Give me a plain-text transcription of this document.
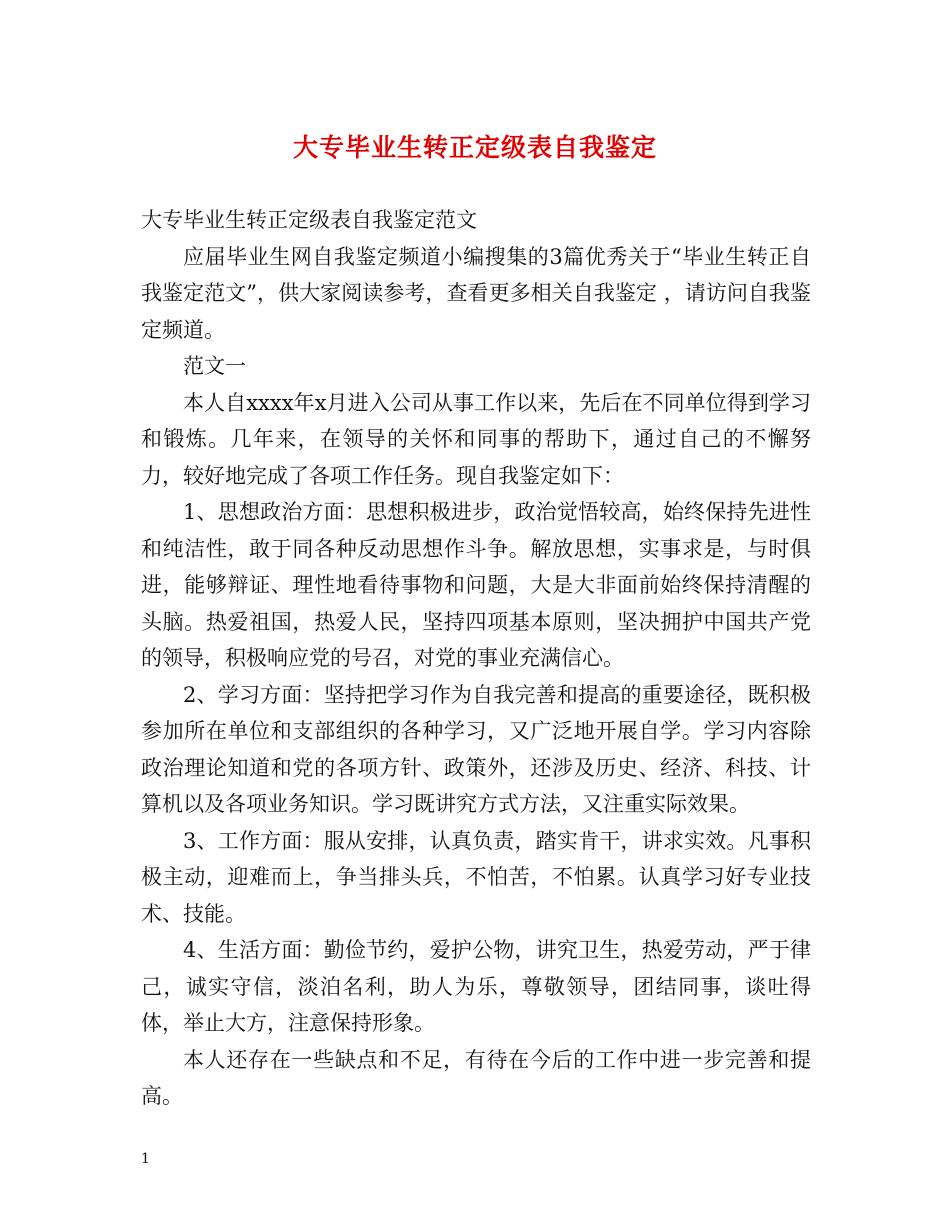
大专毕业生转正定级表自我鉴定

大专毕业生转正定级表自我鉴定范文

应届毕业生网自我鉴定频道小编搜集的3篇优秀关于“毕业生转正自我鉴定范文”，供大家阅读参考，查看更多相关自我鉴定 ，请访问自我鉴定频道。

范文一

本人自xxxx年x月进入公司从事工作以来，先后在不同单位得到学习和锻炼。几年来，在领导的关怀和同事的帮助下，通过自己的不懈努力，较好地完成了各项工作任务。现自我鉴定如下：

1、思想政治方面：思想积极进步，政治觉悟较高，始终保持先进性和纯洁性，敢于同各种反动思想作斗争。解放思想，实事求是，与时俱进，能够辩证、理性地看待事物和问题，大是大非面前始终保持清醒的头脑。热爱祖国，热爱人民，坚持四项基本原则，坚决拥护中国共产党的领导，积极响应党的号召，对党的事业充满信心。

2、学习方面：坚持把学习作为自我完善和提高的重要途径，既积极参加所在单位和支部组织的各种学习，又广泛地开展自学。学习内容除政治理论知道和党的各项方针、政策外，还涉及历史、经济、科技、计算机以及各项业务知识。学习既讲究方式方法，又注重实际效果。

3、工作方面：服从安排，认真负责，踏实肯干，讲求实效。凡事积极主动，迎难而上，争当排头兵，不怕苦，不怕累。认真学习好专业技术、技能。

4、生活方面：勤俭节约，爱护公物，讲究卫生，热爱劳动，严于律己，诚实守信，淡泊名利，助人为乐，尊敬领导，团结同事，谈吐得体，举止大方，注意保持形象。

本人还存在一些缺点和不足，有待在今后的工作中进一步完善和提高。

1
